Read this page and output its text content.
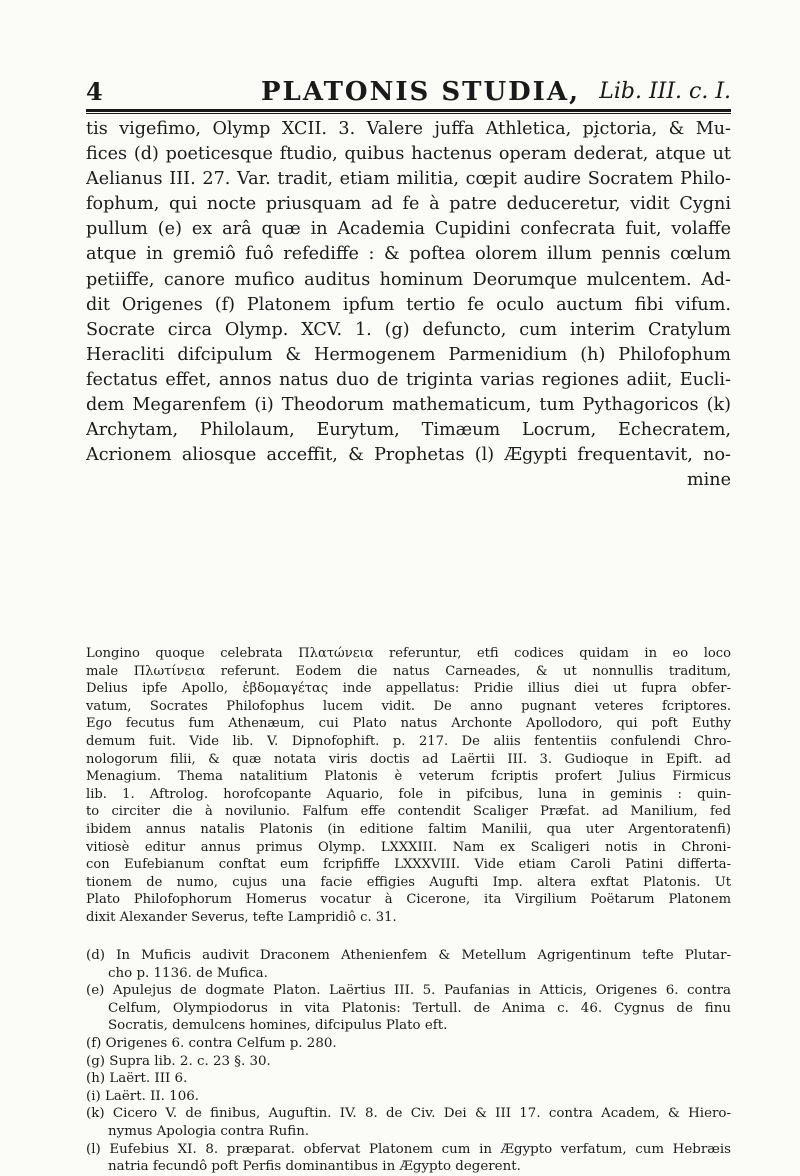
4	PLATONIS STUDIA, Lib. III. c. I.
tis vigefimo, Olymp XCII. 3. Valere juffa Athletica, pi̧ctoria, & Mu-
fices (d) poeticesque ftudio, quibus hactenus operam dederat, atque ut
Aelianus III. 27. Var. tradit, etiam militia, cœpit audire Socratem Philo-
fophum, qui nocte priusquam ad fe à patre deduceretur, vidit Cygni
pullum (e) ex arâ quæ in Academia Cupidini confecrata fuit, volaffe
atque in gremiô fuô refediffe : & poftea olorem illum pennis cœlum
petiiffe, canore mufico auditus hominum Deorumque mulcentem. Ad-
dit Origenes (f) Platonem ipfum tertio fe oculo auctum fibi vifum.
Socrate circa Olymp. XCV. 1. (g) defuncto, cum interim Cratylum
Heracliti difcipulum & Hermogenem Parmenidium (h) Philofophum
fectatus effet, annos natus duo de triginta varias regiones adiit, Eucli-
dem Megarenfem (i) Theodorum mathematicum, tum Pythagoricos (k)
Archytam, Philolaum, Eurytum, Timæum Locrum, Echecratem,
Acrionem aliosque acceffit, & Prophetas (l) Ægypti frequentavit, no-
mine
Longino quoque celebrata Πλατώνεια referuntur, etfi codices quidam in eo loco
male Πλωτίνεια referunt. Eodem die natus Carneades, & ut nonnullis traditum,
Delius ipfe Apollo, ἑβδομαγέτας inde appellatus: Pridie illius diei ut fupra obfer-
vatum, Socrates Philofophus lucem vidit. De anno pugnant veteres fcriptores.
Ego fecutus fum Athenæum, cui Plato natus Archonte Apollodoro, qui poft Euthy
demum fuit. Vide lib. V. Dipnofophift. p. 217. De aliis fententiis confulendi Chro-
nologorum filii, & quæ notata viris doctis ad Laërtii III. 3. Gudioque in Epift. ad
Menagium. Thema natalitium Platonis è veterum fcriptis profert Julius Firmicus
lib. 1. Aftrolog. horofcopante Aquario, fole in pifcibus, luna in geminis : quin-
to circiter die à novilunio. Falfum effe contendit Scaliger Præfat. ad Manilium, fed
ibidem annus natalis Platonis (in editione faltim Manilii, qua uter Argentoratenfi)
vitiosè editur annus primus Olymp. LXXXIII. Nam ex Scaligeri notis in Chroni-
con Eufebianum conftat eum fcripfiffe LXXXVIII. Vide etiam Caroli Patini differta-
tionem de numo, cujus una facie effigies Augufti Imp. altera exftat Platonis. Ut
Plato Philofophorum Homerus vocatur à Cicerone, ita Virgilium Poëtarum Platonem
dixit Alexander Severus, tefte Lampridiô c. 31.
(d) In Muficis audivit Draconem Athenienfem & Metellum Agrigentinum tefte Plutar-
cho p. 1136. de Mufica.
(e) Apulejus de dogmate Platon. Laërtius III. 5. Paufanias in Atticis, Origenes 6. contra
Celfum, Olympiodorus in vita Platonis: Tertull. de Anima c. 46. Cygnus de finu
Socratis, demulcens homines, difcipulus Plato eft.
(f) Origenes 6. contra Celfum p. 280.
(g) Supra lib. 2. c. 23 §. 30.
(h) Laërt. III 6.
(i) Laërt. II. 106.
(k) Cicero V. de finibus, Auguftin. IV. 8. de Civ. Dei & III 17. contra Academ, & Hiero-
nymus Apologia contra Rufin.
(l) Eufebius XI. 8. præparat. obfervat Platonem cum in Ægypto verfatum, cum Hebræis
natria fecundô poft Perfis dominantibus in Ægypto degerent.
